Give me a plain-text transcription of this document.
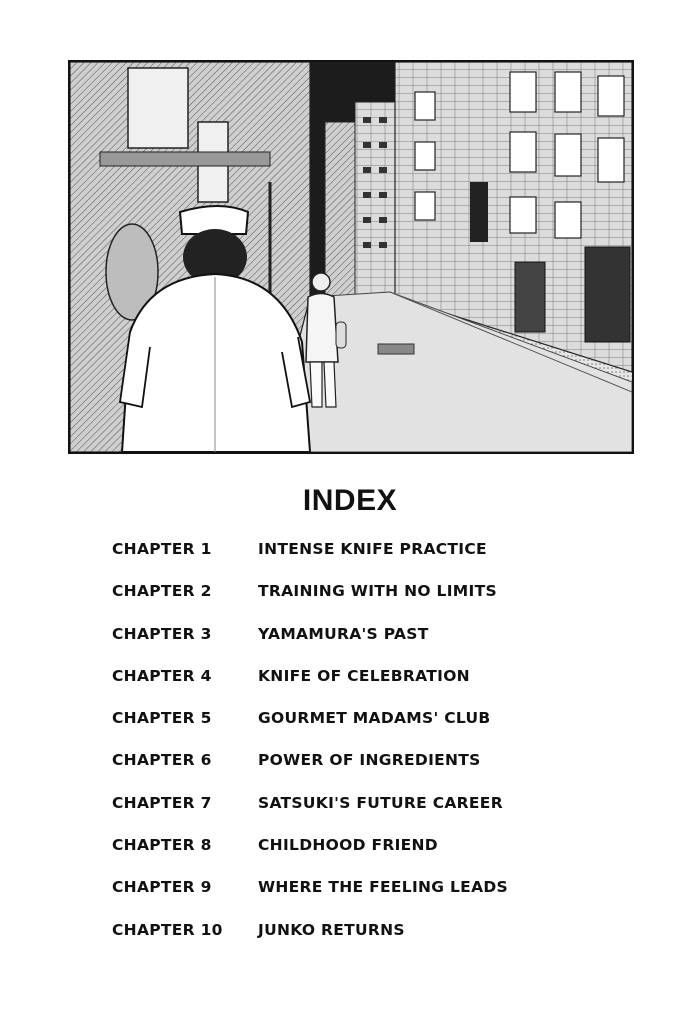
INDEX
CHAPTER 1	INTENSE KNIFE PRACTICE
CHAPTER 2	TRAINING WITH NO LIMITS
CHAPTER 3	YAMAMURA'S PAST
CHAPTER 4	KNIFE OF CELEBRATION
CHAPTER 5	GOURMET MADAMS' CLUB
CHAPTER 6	POWER OF INGREDIENTS
CHAPTER 7	SATSUKI'S FUTURE CAREER
CHAPTER 8	CHILDHOOD FRIEND
CHAPTER 9	WHERE THE FEELING LEADS
CHAPTER 10 JUNKO RETURNS
